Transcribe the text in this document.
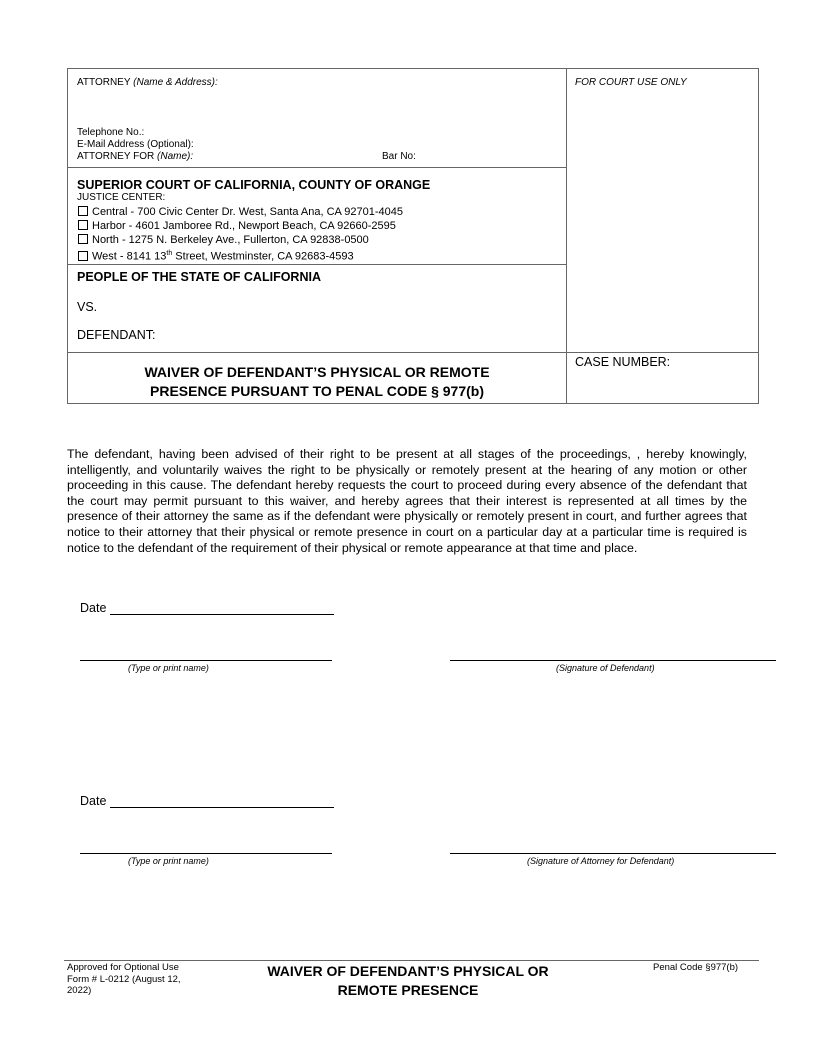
ATTORNEY (Name & Address):
Telephone No.:
E-Mail Address (Optional):
ATTORNEY FOR (Name):	Bar No:
FOR COURT USE ONLY
SUPERIOR COURT OF CALIFORNIA, COUNTY OF ORANGE
JUSTICE CENTER:
Central - 700 Civic Center Dr. West, Santa Ana, CA 92701-4045
Harbor - 4601 Jamboree Rd., Newport Beach, CA 92660-2595
North - 1275 N. Berkeley Ave., Fullerton, CA 92838-0500
West - 8141 13th Street, Westminster, CA 92683-4593
PEOPLE OF THE STATE OF CALIFORNIA
VS.
DEFENDANT:
WAIVER OF DEFENDANT’S PHYSICAL OR REMOTE
PRESENCE PURSUANT TO PENAL CODE § 977(b)
CASE NUMBER:
The defendant, having been advised of their right to be present at all stages of the proceedings, , hereby knowingly, intelligently, and voluntarily waives the right to be physically or remotely present at the hearing of any motion or other proceeding in this cause. The defendant hereby requests the court to proceed during every absence of the defendant that the court may permit pursuant to this waiver, and hereby agrees that their interest is represented at all times by the presence of their attorney the same as if the defendant were physically or remotely present in court, and further agrees that notice to their attorney that their physical or remote presence in court on a particular day at a particular time is required is notice to the defendant of the requirement of their physical or remote appearance at that time and place.
Date
(Type or print name)	(Signature of Defendant)
Date
(Type or print name)	(Signature of Attorney for Defendant)
Approved for Optional Use
Form # L-0212 (August 12,
2022)
WAIVER OF DEFENDANT’S PHYSICAL OR
REMOTE PRESENCE
Penal Code §977(b)
